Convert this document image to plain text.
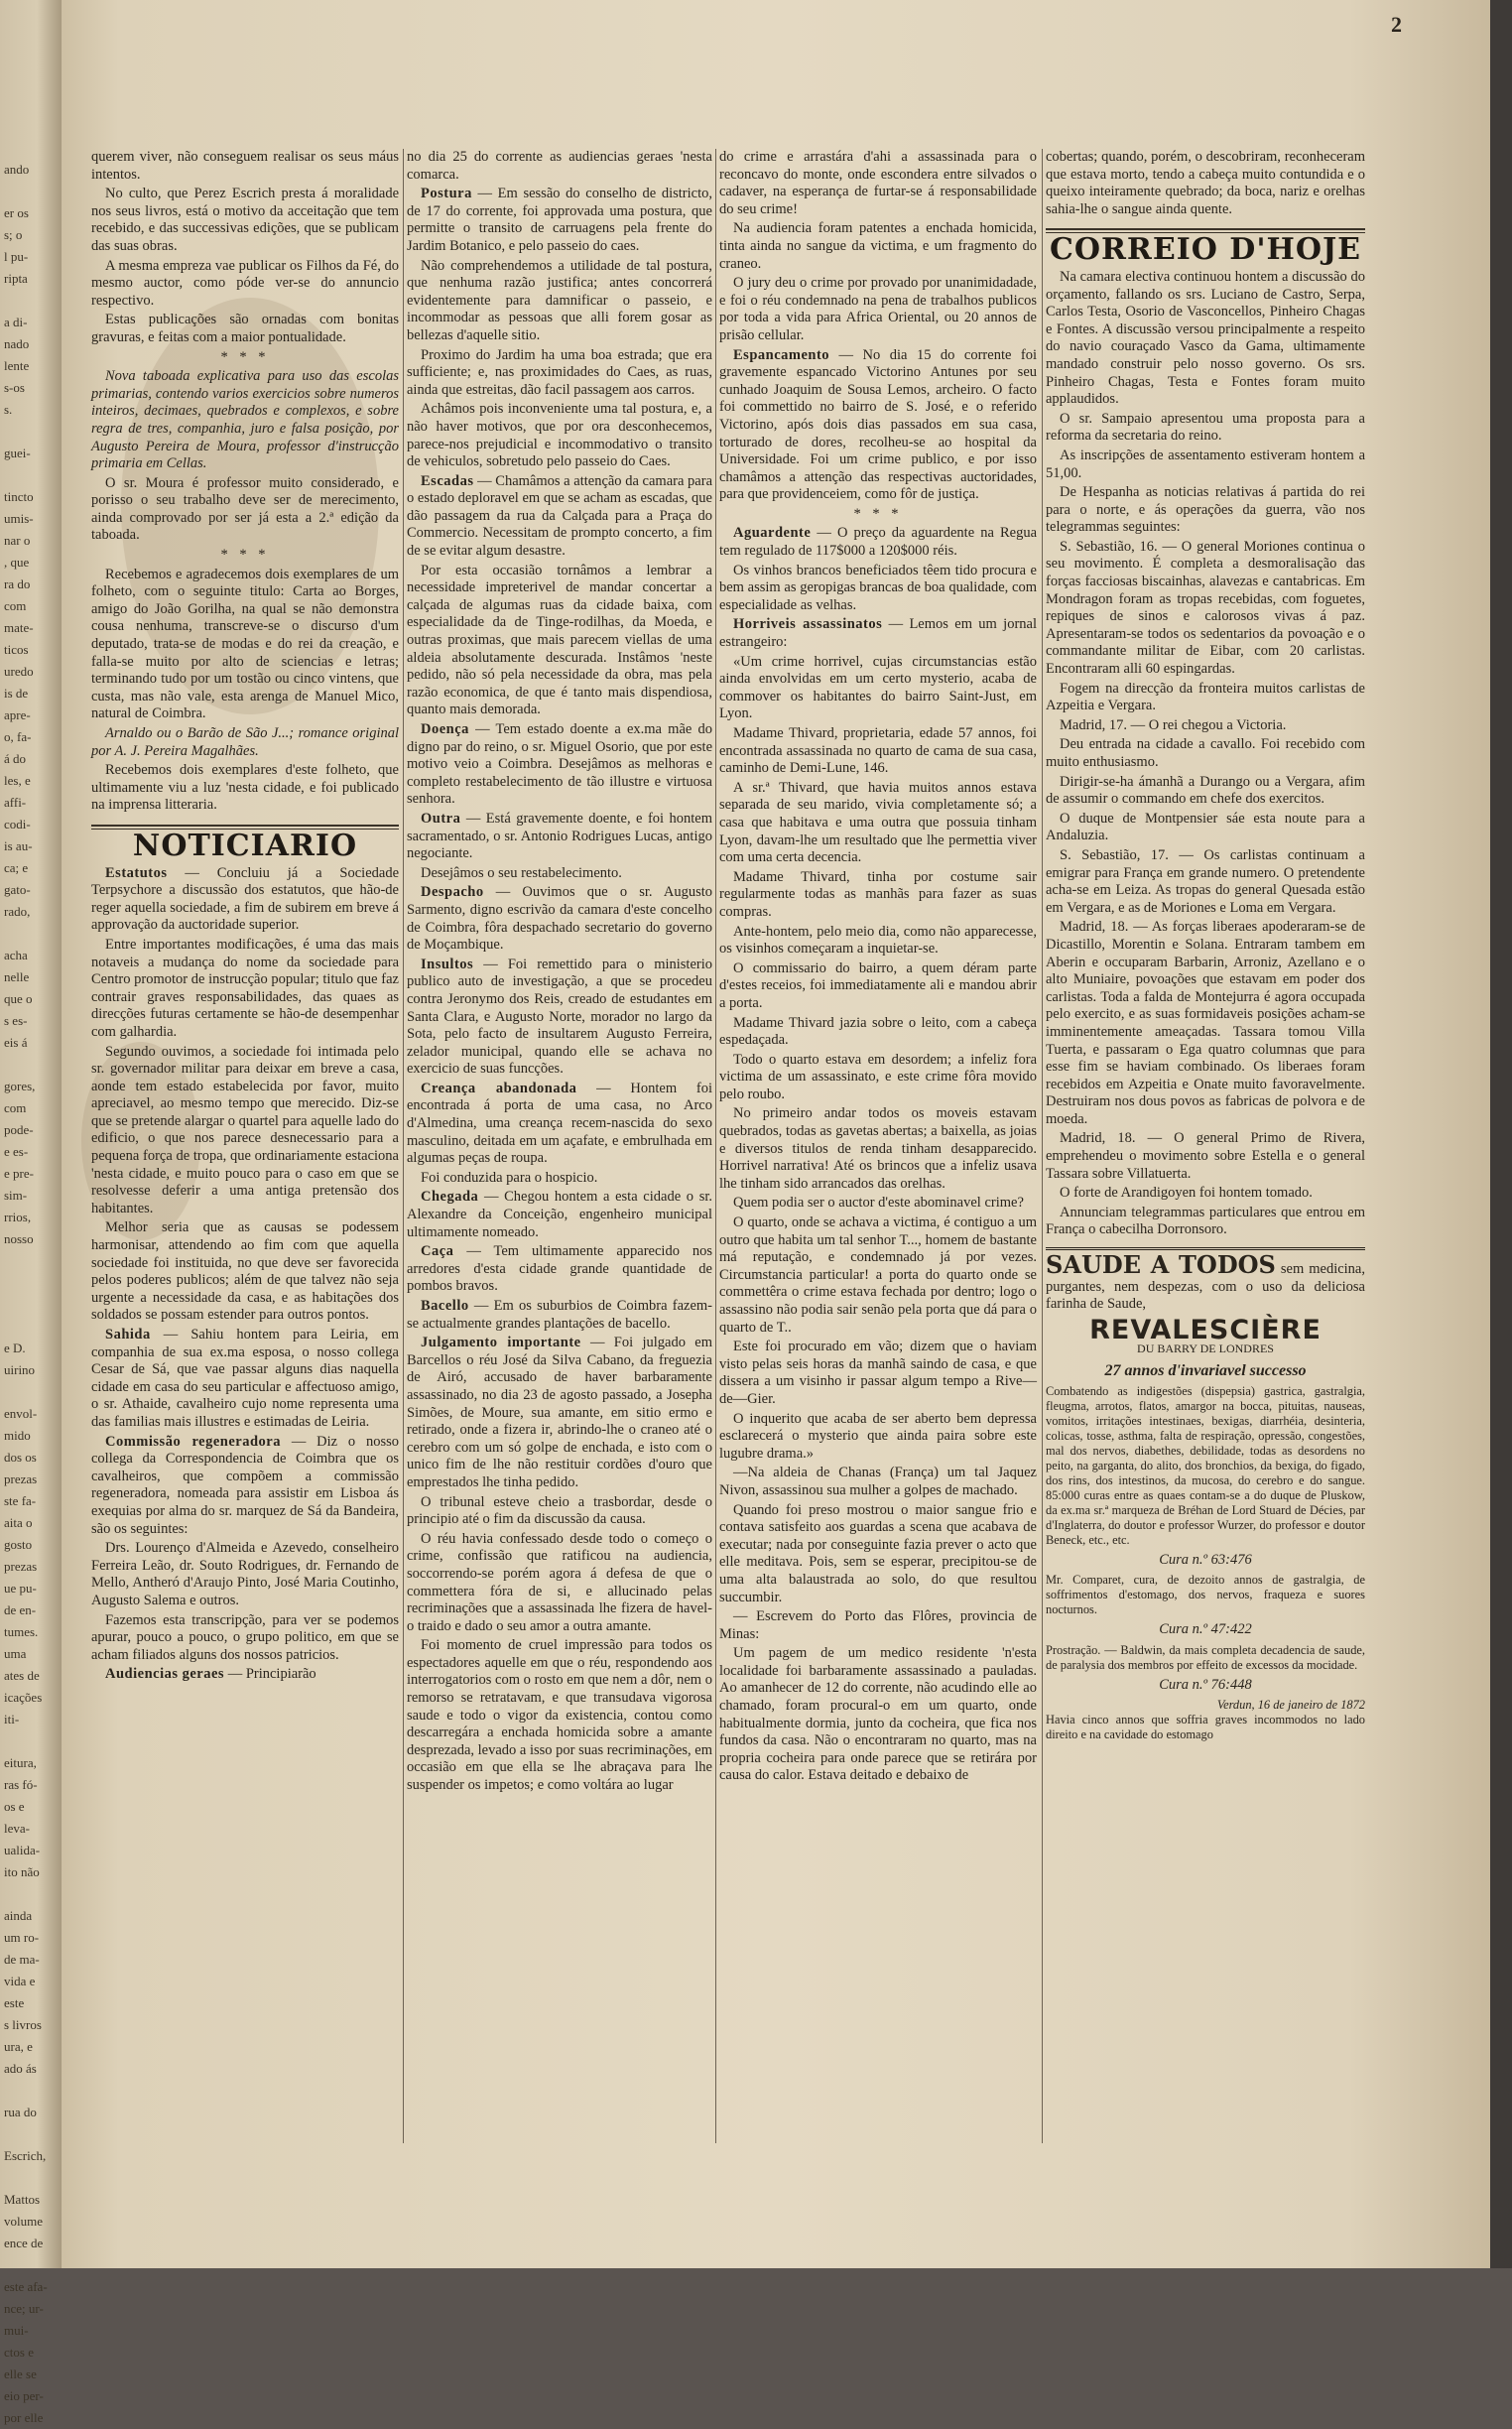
ando

er os
s; o
l pu-
ripta

a di-
nado
lente
s-os
s.

guei-

tincto
umis-
nar o
, que
ra do
com
mate-
ticos
uredo
is de
apre-
o, fa-
á do
les, e
affi-
codi-
is au-
ca; e
gato-
rado,

acha
nelle
que o
s es-
eis á

gores,
com
pode-
e es-
e pre-
sim-
rrios,
nosso

e D.
uirino

envol-
mido
dos os
prezas
ste fa-
aita o
gosto
prezas
ue pu-
de en-
tumes.
uma
ates de
icações
iti-

eitura,
ras fó-
os e
leva-
ualida-
ito não

ainda
um ro-
de ma-
vida e
este
s livros
ura, e
ado ás

rua do

Escrich,

Mattos
volume
ence de

este afa-
nce; ur-
mui-
ctos e
elle se
eio per-
por elle
2

querem viver, não conseguem realisar os seus máus intentos.

No culto, que Perez Escrich presta á moralidade nos seus livros, está o motivo da acceitação que tem recebido, e das successivas edições, que se publicam das suas obras.

A mesma empreza vae publicar os Filhos da Fé, do mesmo auctor, como póde ver-se do annuncio respectivo.

Estas publicações são ornadas com bonitas gravuras, e feitas com a maior pontualidade.

* * *

Nova taboada explicativa para uso das escolas primarias, contendo varios exercicios sobre numeros inteiros, decimaes, quebrados e complexos, e sobre regra de tres, companhia, juro e falsa posição, por Augusto Pereira de Moura, professor d'instrucção primaria em Cellas.

O sr. Moura é professor muito considerado, e porisso o seu trabalho deve ser de merecimento, ainda comprovado por ser já esta a 2.ª edição da taboada.

* * *

Recebemos e agradecemos dois exemplares de um folheto, com o seguinte titulo: Carta ao Borges, amigo do João Gorilha, na qual se não demonstra cousa nenhuma, transcreve-se o discurso d'um deputado, trata-se de modas e do rei da creação, e falla-se muito por alto de sciencias e letras; terminando tudo por um tostão ou cinco vintens, que custa, mas não vale, esta arenga de Manuel Mico, natural de Coimbra.

Arnaldo ou o Barão de São J...; romance original por A. J. Pereira Magalhães.

Recebemos dois exemplares d'este folheto, que ultimamente viu a luz 'nesta cidade, e foi publicado na imprensa litteraria.

NOTICIARIO

Estatutos — Concluiu já a Sociedade Terpsychore a discussão dos estatutos, que hão-de reger aquella sociedade, a fim de subirem em breve á approvação da auctoridade superior.

Entre importantes modificações, é uma das mais notaveis a mudança do nome da sociedade para Centro promotor de instrucção popular; titulo que faz contrair graves responsabilidades, das quaes as direcções futuras certamente se hão-de desempenhar com galhardia.

Segundo ouvimos, a sociedade foi intimada pelo sr. governador militar para deixar em breve a casa, aonde tem estado estabelecida por favor, muito apreciavel, ao mesmo tempo que merecido. Diz-se que se pretende alargar o quartel para aquelle lado do edificio, o que nos parece desnecessario para a pequena força de tropa, que ordinariamente estaciona 'nesta cidade, e muito pouco para o caso em que se resolvesse deferir a uma antiga pretensão dos habitantes.

Melhor seria que as causas se podessem harmonisar, attendendo ao fim com que aquella sociedade foi instituida, no que deve ser favorecida pelos poderes publicos; além de que talvez não seja urgente a necessidade da casa, e as habitações dos soldados se possam estender para outros pontos.

Sahida — Sahiu hontem para Leiria, em companhia de sua ex.ma esposa, o nosso collega Cesar de Sá, que vae passar alguns dias naquella cidade em casa do seu particular e affectuoso amigo, o sr. Athaide, cavalheiro cujo nome representa uma das familias mais illustres e estimadas de Leiria.

Commissão regeneradora — Diz o nosso collega da Correspondencia de Coimbra que os cavalheiros, que compõem a commissão regeneradora, nomeada para assistir em Lisboa ás exequias por alma do sr. marquez de Sá da Bandeira, são os seguintes:

Drs. Lourenço d'Almeida e Azevedo, conselheiro Ferreira Leão, dr. Souto Rodrigues, dr. Fernando de Mello, Antheró d'Araujo Pinto, José Maria Coutinho, Augusto Salema e outros.

Fazemos esta transcripção, para ver se podemos apurar, pouco a pouco, o grupo politico, em que se acham filiados alguns dos nossos patricios.

Audiencias geraes — Principiarão

no dia 25 do corrente as audiencias geraes 'nesta comarca.

Postura — Em sessão do conselho de districto, de 17 do corrente, foi approvada uma postura, que permitte o transito de carruagens pela frente do Jardim Botanico, e pelo passeio do caes.

Não comprehendemos a utilidade de tal postura, que nenhuma razão justifica; antes concorrerá evidentemente para damnificar o passeio, e incommodar as pessoas que alli forem gosar as bellezas d'aquelle sitio.

Proximo do Jardim ha uma boa estrada; que era sufficiente; e, nas proximidades do Caes, as ruas, ainda que estreitas, dão facil passagem aos carros.

Achâmos pois inconveniente uma tal postura, e, a não haver motivos, que por ora desconhecemos, parece-nos prejudicial e incommodativo o transito de vehiculos, sobretudo pelo passeio do Caes.

Escadas — Chamâmos a attenção da camara para o estado deploravel em que se acham as escadas, que dão passagem da rua da Calçada para a Praça do Commercio. Necessitam de prompto concerto, a fim de se evitar algum desastre.

Por esta occasião tornâmos a lembrar a necessidade impreterivel de mandar concertar a calçada de algumas ruas da cidade baixa, com especialidade da de Tinge-rodilhas, da Moeda, e outras proximas, que mais parecem viellas de uma aldeia absolutamente descurada. Instâmos 'neste pedido, não só pela necessidade da obra, mas pela razão economica, de que é tanto mais dispendiosa, quanto mais demorada.

Doença — Tem estado doente a ex.ma mãe do digno par do reino, o sr. Miguel Osorio, que por este motivo veio a Coimbra. Desejâmos as melhoras e completo restabelecimento de tão illustre e virtuosa senhora.

Outra — Está gravemente doente, e foi hontem sacramentado, o sr. Antonio Rodrigues Lucas, antigo negociante.

Desejâmos o seu restabelecimento.

Despacho — Ouvimos que o sr. Augusto Sarmento, digno escrivão da camara d'este concelho de Coimbra, fôra despachado secretario do governo de Moçambique.

Insultos — Foi remettido para o ministerio publico auto de investigação, a que se procedeu contra Jeronymo dos Reis, creado de estudantes em Santa Clara, e Augusto Norte, morador no largo da Sota, pelo facto de insultarem Augusto Ferreira, zelador municipal, quando elle se achava no exercicio de suas funcções.

Creança abandonada — Hontem foi encontrada á porta de uma casa, no Arco d'Almedina, uma creança recem-nascida do sexo masculino, deitada em um açafate, e embrulhada em algumas peças de roupa.

Foi conduzida para o hospicio.

Chegada — Chegou hontem a esta cidade o sr. Alexandre da Conceição, engenheiro municipal ultimamente nomeado.

Caça — Tem ultimamente apparecido nos arredores d'esta cidade grande quantidade de pombos bravos.

Bacello — Em os suburbios de Coimbra fazem-se actualmente grandes plantações de bacello.

Julgamento importante — Foi julgado em Barcellos o réu José da Silva Cabano, da freguezia de Airó, accusado de haver barbaramente assassinado, no dia 23 de agosto passado, a Josepha Simões, de Moure, sua amante, em sitio ermo e retirado, onde a fizera ir, abrindo-lhe o craneo até o cerebro com um só golpe de enchada, e isto com o unico fim de lhe não restituir cordões d'ouro que emprestados lhe tinha pedido.

O tribunal esteve cheio a trasbordar, desde o principio até o fim da discussão da causa.

O réu havia confessado desde todo o começo o crime, confissão que ratificou na audiencia, soccorrendo-se porém agora á defesa de que o commettera fóra de si, e allucinado pelas recriminações que a assassinada lhe fizera de havel-o traido e dado o seu amor a outra amante.

Foi momento de cruel impressão para todos os espectadores aquelle em que o réu, respondendo aos interrogatorios com o rosto em que nem a dôr, nem o remorso se retratavam, e que transudava vigorosa saude e todo o vigor da existencia, contou como descarregára a enchada homicida sobre a amante desprezada, levado a isso por suas recriminações, em occasião em que ella se lhe abraçava para lhe suspender os impetos; e como voltára ao lugar

do crime e arrastára d'ahi a assassinada para o reconcavo do monte, onde escondera entre silvados o cadaver, na esperança de furtar-se á responsabilidade do seu crime!

Na audiencia foram patentes a enchada homicida, tinta ainda no sangue da victima, e um fragmento do craneo.

O jury deu o crime por provado por unanimidadade, e foi o réu condemnado na pena de trabalhos publicos por toda a vida para Africa Oriental, ou 20 annos de prisão cellular.

Espancamento — No dia 15 do corrente foi gravemente espancado Victorino Antunes por seu cunhado Joaquim de Sousa Lemos, archeiro. O facto foi commettido no bairro de S. José, e o referido Victorino, após dois dias passados em sua casa, torturado de dores, recolheu-se ao hospital da Universidade. Foi um crime publico, e por isso chamâmos a attenção das respectivas auctoridades, para que providenceiem, como fôr de justiça.

* * *

Aguardente — O preço da aguardente na Regua tem regulado de 117$000 a 120$000 réis.

Os vinhos brancos beneficiados têem tido procura e bem assim as geropigas brancas de boa qualidade, com especialidade as velhas.

Horriveis assassinatos — Lemos em um jornal estrangeiro:

«Um crime horrivel, cujas circumstancias estão ainda envolvidas em um certo mysterio, acaba de commover os habitantes do bairro Saint-Just, em Lyon.

Madame Thivard, proprietaria, edade 57 annos, foi encontrada assassinada no quarto de cama de sua casa, caminho de Demi-Lune, 146.

A sr.ª Thivard, que havia muitos annos estava separada de seu marido, vivia completamente só; a casa que habitava e uma outra que possuia tinham Lyon, davam-lhe um resultado que lhe permettia viver com uma certa decencia.

Madame Thivard, tinha por costume sair regularmente todas as manhãs para fazer as suas compras.

Ante-hontem, pelo meio dia, como não apparecesse, os visinhos começaram a inquietar-se.

O commissario do bairro, a quem déram parte d'estes receios, foi immediatamente ali e mandou abrir a porta.

Madame Thivard jazia sobre o leito, com a cabeça espedaçada.

Todo o quarto estava em desordem; a infeliz fora victima de um assassinato, e este crime fôra movido pelo roubo.

No primeiro andar todos os moveis estavam quebrados, todas as gavetas abertas; a baixella, as joias e diversos titulos de renda tinham desapparecido. Horrivel narrativa! Até os brincos que a infeliz usava lhe tinham sido arrancados das orelhas.

Quem podia ser o auctor d'este abominavel crime?

O quarto, onde se achava a victima, é contiguo a um outro que habita um tal senhor T..., homem de bastante má reputação, e condemnado já por vezes. Circumstancia particular! a porta do quarto onde se commettêra o crime estava fechada por dentro; logo o assassino não podia sair senão pela porta que dá para o quarto de T..

Este foi procurado em vão; dizem que o haviam visto pelas seis horas da manhã saindo de casa, e que dissera a um visinho ir passar algum tempo a Rive—de—Gier.

O inquerito que acaba de ser aberto bem depressa esclarecerá o mysterio que ainda paira sobre este lugubre drama.»

—Na aldeia de Chanas (França) um tal Jaquez Nivon, assassinou sua mulher a golpes de machado.

Quando foi preso mostrou o maior sangue frio e contava satisfeito aos guardas a scena que acabava de executar; nada por conseguinte fazia prever o acto que elle meditava. Pois, sem se esperar, precipitou-se de uma alta balaustrada ao solo, do que resultou succumbir.

— Escrevem do Porto das Flôres, provincia de Minas:

Um pagem de um medico residente 'n'esta localidade foi barbaramente assassinado a pauladas. Ao amanhecer de 12 do corrente, não acudindo elle ao chamado, foram procural-o em um quarto, onde habitualmente dormia, junto da cocheira, que fica nos fundos da casa. Não o encontraram no quarto, mas na propria cocheira para onde parece que se retirára por causa do calor. Estava deitado e debaixo de

cobertas; quando, porém, o descobriram, reconheceram que estava morto, tendo a cabeça muito contundida e o queixo inteiramente quebrado; da boca, nariz e orelhas sahia-lhe o sangue ainda quente.

CORREIO D'HOJE

Na camara electiva continuou hontem a discussão do orçamento, fallando os srs. Luciano de Castro, Serpa, Carlos Testa, Osorio de Vasconcellos, Pinheiro Chagas e Fontes. A discussão versou principalmente a respeito do navio couraçado Vasco da Gama, ultimamente mandado construir pelo nosso governo. Os srs. Pinheiro Chagas, Testa e Fontes foram muito applaudidos.

O sr. Sampaio apresentou uma proposta para a reforma da secretaria do reino.

As inscripções de assentamento estiveram hontem a 51,00.

De Hespanha as noticias relativas á partida do rei para o norte, e ás operações da guerra, vão nos telegrammas seguintes:

S. Sebastião, 16. — O general Moriones continua o seu movimento. É completa a desmoralisação das forças facciosas biscainhas, alavezas e cantabricas. Em Mondragon foram as tropas recebidas, com foguetes, repiques de sinos e calorosos vivas á paz. Apresentaram-se todos os sedentarios da povoação e o commandante militar de Eibar, com 20 carlistas. Encontraram alli 60 espingardas.

Fogem na direcção da fronteira muitos carlistas de Azpeitia e Vergara.

Madrid, 17. — O rei chegou a Victoria.

Deu entrada na cidade a cavallo. Foi recebido com muito enthusiasmo.

Dirigir-se-ha ámanhã a Durango ou a Vergara, afim de assumir o commando em chefe dos exercitos.

O duque de Montpensier sáe esta noute para a Andaluzia.

S. Sebastião, 17. — Os carlistas continuam a emigrar para França em grande numero. O pretendente acha-se em Leiza. As tropas do general Quesada estão em Vergara, e as de Moriones e Loma em Vergara.

Madrid, 18. — As forças liberaes apoderaram-se de Dicastillo, Morentin e Solana. Entraram tambem em Aberin e occuparam Barbarin, Arroniz, Azellano e o alto Muniaire, povoações que estavam em poder dos carlistas. Toda a falda de Montejurra é agora occupada pelo exercito, e as suas formidaveis posições acham-se imminentemente ameaçadas. Tassara tomou Villa Tuerta, e passaram o Ega quatro columnas que para esse fim se haviam combinado. Os liberaes foram recebidos em Azpeitia e Onate muito favoravelmente. Destruiram nos dous povos as fabricas de polvora e de moeda.

Madrid, 18. — O general Primo de Rivera, emprehendeu o movimento sobre Estella e o general Tassara sobre Villatuerta.

O forte de Arandigoyen foi hontem tomado.

Annunciam telegrammas particulares que entrou em França o cabecilha Dorronsoro.

SAUDE A TODOS sem medicina, purgantes, nem despezas, com o uso da deliciosa farinha de Saude,
REVALESCIÈRE
DU BARRY DE LONDRES
27 annos d'invariavel successo
Combatendo as indigestões (dispepsia) gastrica, gastralgia, fleugma, arrotos, flatos, amargor na bocca, pituitas, nauseas, vomitos, irritações intestinaes, bexigas, diarrhéia, desinteria, colicas, tosse, asthma, falta de respiração, opressão, congestões, mal dos nervos, diabethes, debilidade, todas as desordens no peito, na garganta, do alito, dos bronchios, da bexiga, do figado, dos rins, dos intestinos, da mucosa, do cerebro e do sangue. 85:000 curas entre as quaes contam-se a do duque de Pluskow, da ex.ma sr.ª marqueza de Bréhan de Lord Stuard de Décies, par d'Inglaterra, do doutor e professor Wurzer, do professor e doutor Beneck, etc., etc.
Cura n.º 63:476
Mr. Comparet, cura, de dezoito annos de gastralgia, de soffrimentos d'estomago, dos nervos, fraqueza e suores nocturnos.
Cura n.º 47:422
Prostração. — Baldwin, da mais completa decadencia de saude, de paralysia dos membros por effeito de excessos da mocidade.
Cura n.º 76:448
Verdun, 16 de janeiro de 1872
Havia cinco annos que soffria graves incommodos no lado direito e na cavidade do estomago
